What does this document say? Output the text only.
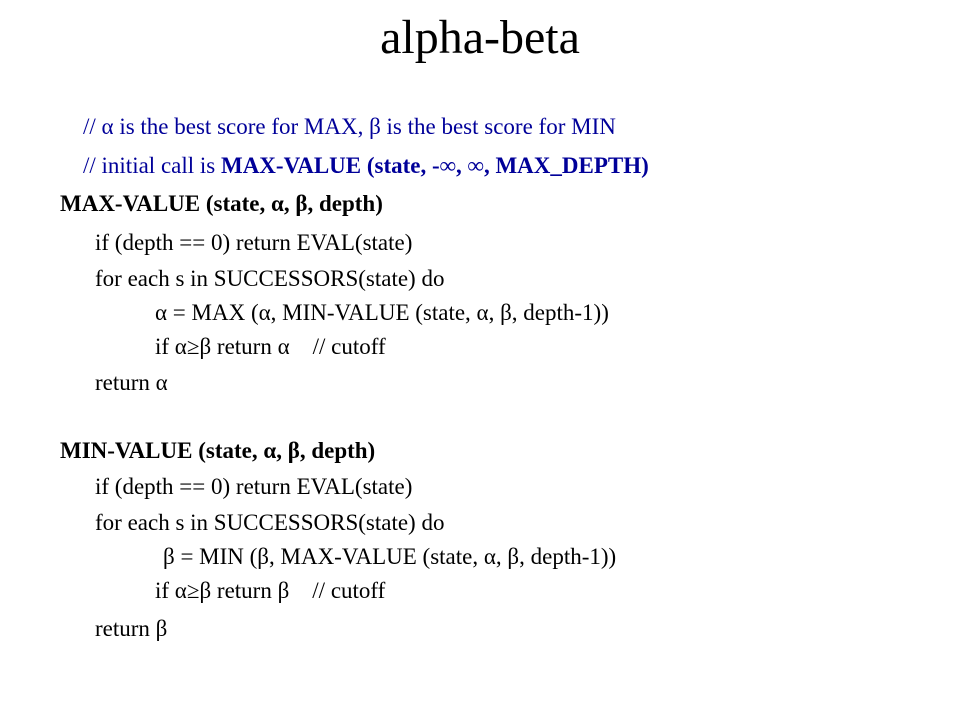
alpha-beta

// α is the best score for MAX, β is the best score for MIN

// initial call is MAX-VALUE (state, -∞, ∞, MAX_DEPTH)

MAX-VALUE (state, α, β, depth)
if (depth == 0) return EVAL(state)
for each s in SUCCESSORS(state) do
α = MAX (α, MIN-VALUE (state, α, β, depth-1))
if α≥β return α    // cutoff
return α
MIN-VALUE (state, α, β, depth)
if (depth == 0) return EVAL(state)
for each s in SUCCESSORS(state) do
β = MIN (β, MAX-VALUE (state, α, β, depth-1))
if α≥β return β    // cutoff
return β
